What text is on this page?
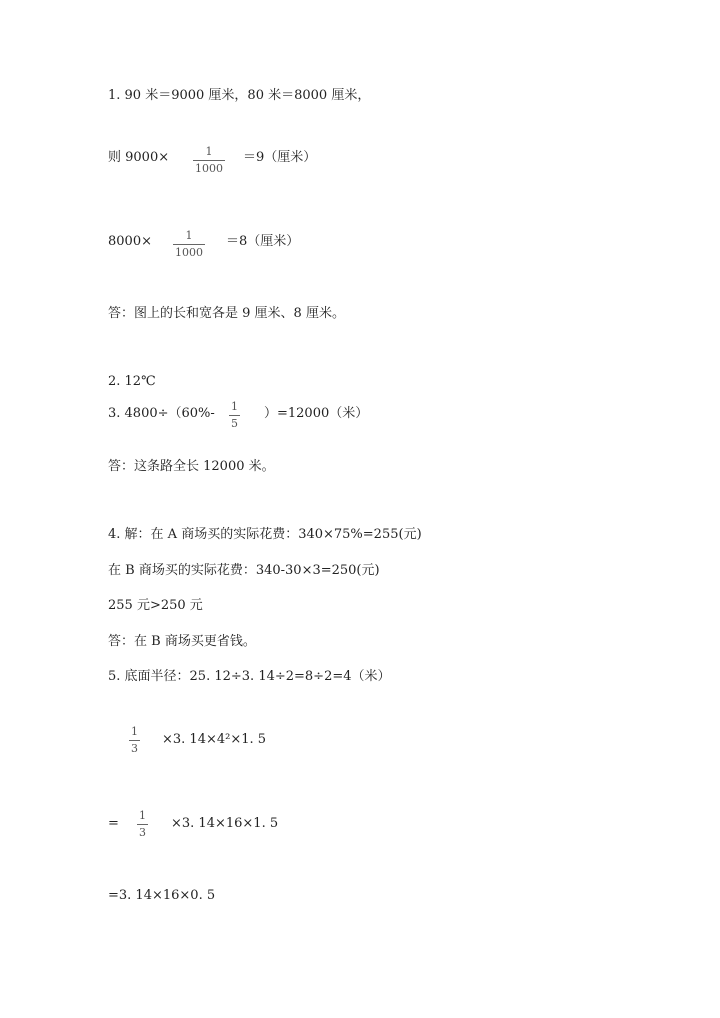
1. 90 米＝9000 厘米，80 米＝8000 厘米，
则 9000×	1
1000
＝9（厘米）
8000×	1
1000
＝8（厘米）
答：图上的长和宽各是 9 厘米、8 厘米。
2. 12℃
3. 4800÷（60%- 1
5
）=12000（米）
答：这条路全长 12000 米。
4. 解：在 A 商场买的实际花费：340×75%=255(元)
在 B 商场买的实际花费：340-30×3=250(元)
255 元>250 元
答：在 B 商场买更省钱。
5. 底面半径：25. 12÷3. 14÷2=8÷2=4（米）
1
3
×3. 14×4²×1. 5
=
1
3
×3. 14×16×1. 5
=3. 14×16×0. 5
